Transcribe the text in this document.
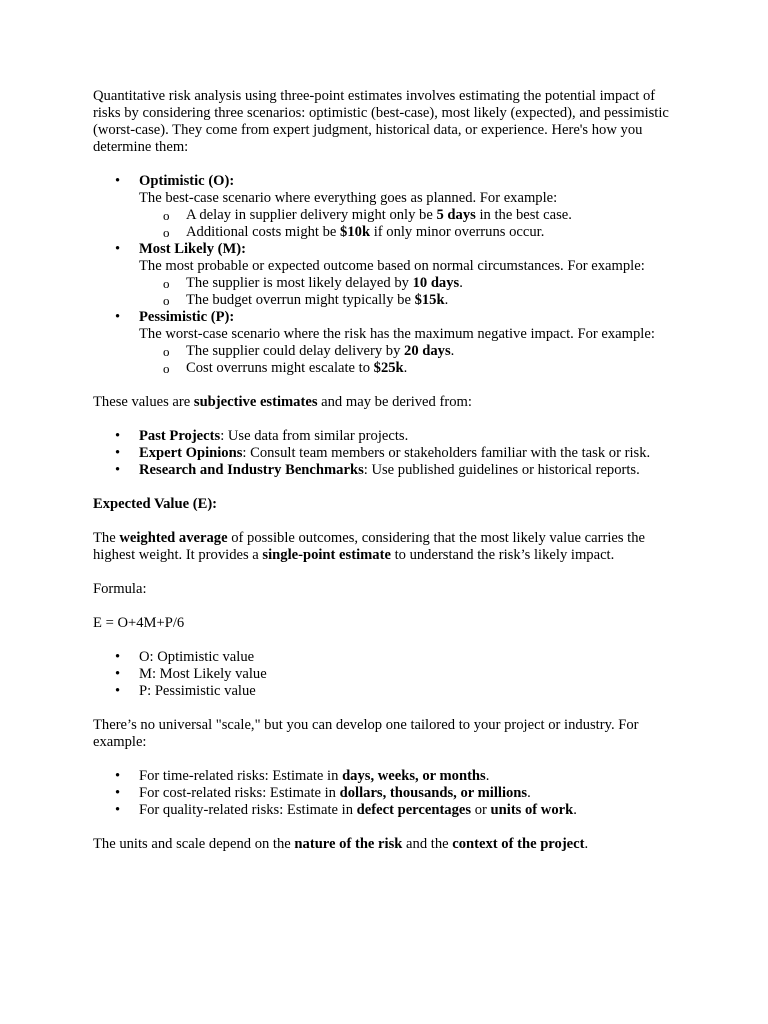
Quantitative risk analysis using three-point estimates involves estimating the potential impact of risks by considering three scenarios: optimistic (best-case), most likely (expected), and pessimistic (worst-case). They come from expert judgment, historical data, or experience. Here's how you determine them:

• Optimistic (O):
The best-case scenario where everything goes as planned. For example:
o A delay in supplier delivery might only be 5 days in the best case.
o Additional costs might be $10k if only minor overruns occur.
• Most Likely (M):
The most probable or expected outcome based on normal circumstances. For example:
o The supplier is most likely delayed by 10 days.
o The budget overrun might typically be $15k.
• Pessimistic (P):
The worst-case scenario where the risk has the maximum negative impact. For example:
o The supplier could delay delivery by 20 days.
o Cost overruns might escalate to $25k.

These values are subjective estimates and may be derived from:

• Past Projects: Use data from similar projects.
• Expert Opinions: Consult team members or stakeholders familiar with the task or risk.
• Research and Industry Benchmarks: Use published guidelines or historical reports.

Expected Value (E):

The weighted average of possible outcomes, considering that the most likely value carries the highest weight. It provides a single-point estimate to understand the risk’s likely impact.

Formula:

E = O+4M+P/6

• O: Optimistic value
• M: Most Likely value
• P: Pessimistic value

There’s no universal "scale," but you can develop one tailored to your project or industry. For example:

• For time-related risks: Estimate in days, weeks, or months.
• For cost-related risks: Estimate in dollars, thousands, or millions.
• For quality-related risks: Estimate in defect percentages or units of work.

The units and scale depend on the nature of the risk and the context of the project.
